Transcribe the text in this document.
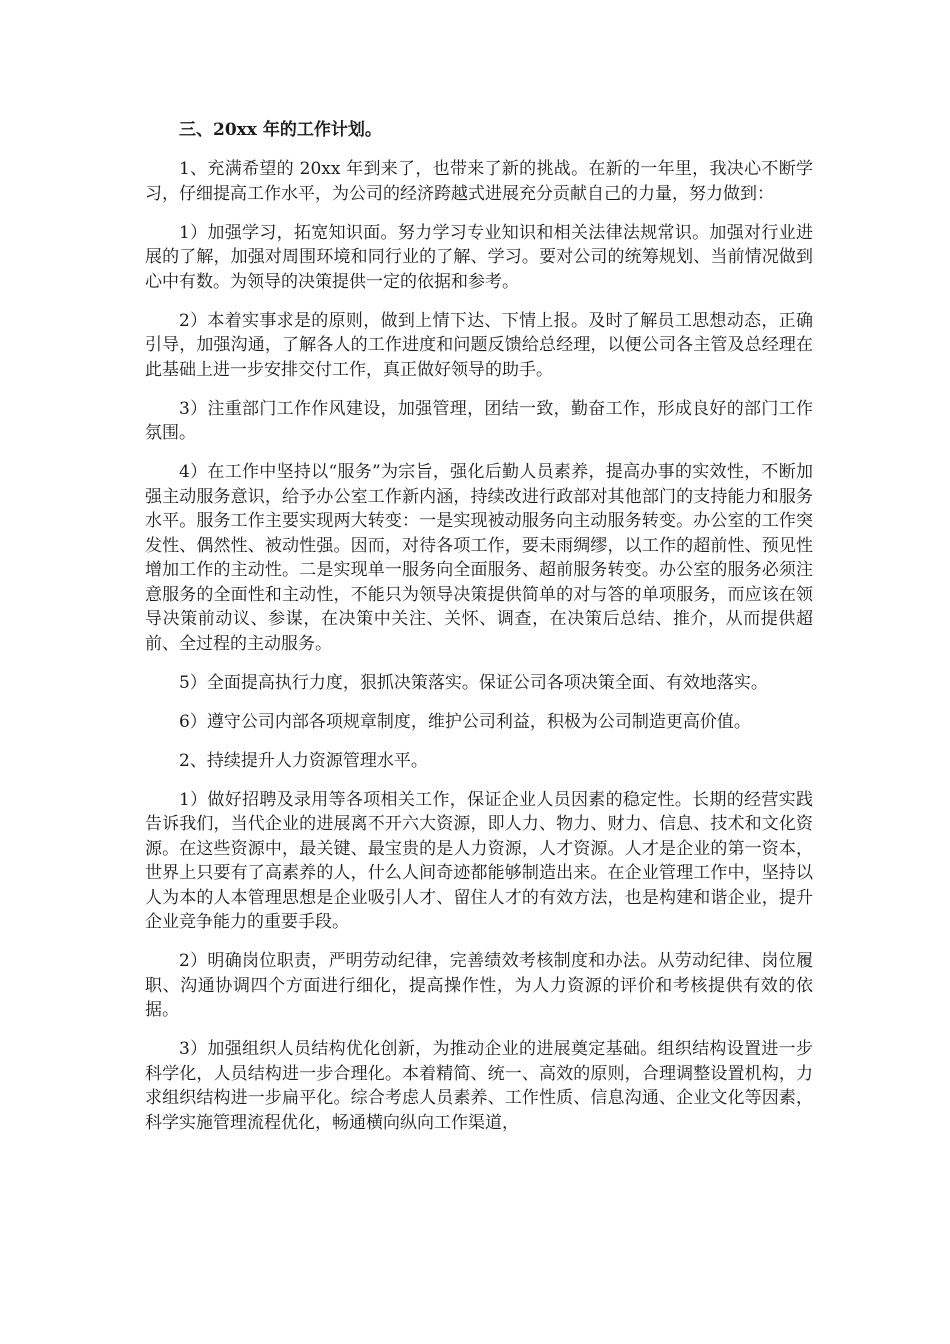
三、20xx 年的工作计划。

1、充满希望的 20xx 年到来了，也带来了新的挑战。在新的一年里，我决心不断学习，仔细提高工作水平，为公司的经济跨越式进展充分贡献自己的力量，努力做到：

1）加强学习，拓宽知识面。努力学习专业知识和相关法律法规常识。加强对行业进展的了解，加强对周围环境和同行业的了解、学习。要对公司的统筹规划、当前情况做到心中有数。为领导的决策提供一定的依据和参考。

2）本着实事求是的原则，做到上情下达、下情上报。及时了解员工思想动态，正确引导，加强沟通，了解各人的工作进度和问题反馈给总经理，以便公司各主管及总经理在此基础上进一步安排交付工作，真正做好领导的助手。

3）注重部门工作作风建设，加强管理，团结一致，勤奋工作，形成良好的部门工作氛围。

4）在工作中坚持以“服务”为宗旨，强化后勤人员素养，提高办事的实效性，不断加强主动服务意识，给予办公室工作新内涵，持续改进行政部对其他部门的支持能力和服务水平。服务工作主要实现两大转变：一是实现被动服务向主动服务转变。办公室的工作突发性、偶然性、被动性强。因而，对待各项工作，要未雨绸缪，以工作的超前性、预见性增加工作的主动性。二是实现单一服务向全面服务、超前服务转变。办公室的服务必须注意服务的全面性和主动性，不能只为领导决策提供简单的对与答的单项服务，而应该在领导决策前动议、参谋，在决策中关注、关怀、调查，在决策后总结、推介，从而提供超前、全过程的主动服务。

5）全面提高执行力度，狠抓决策落实。保证公司各项决策全面、有效地落实。

6）遵守公司内部各项规章制度，维护公司利益，积极为公司制造更高价值。

2、持续提升人力资源管理水平。

1）做好招聘及录用等各项相关工作，保证企业人员因素的稳定性。长期的经营实践告诉我们，当代企业的进展离不开六大资源，即人力、物力、财力、信息、技术和文化资源。在这些资源中，最关键、最宝贵的是人力资源，人才资源。人才是企业的第一资本，世界上只要有了高素养的人，什么人间奇迹都能够制造出来。在企业管理工作中，坚持以人为本的人本管理思想是企业吸引人才、留住人才的有效方法，也是构建和谐企业，提升企业竞争能力的重要手段。

2）明确岗位职责，严明劳动纪律，完善绩效考核制度和办法。从劳动纪律、岗位履职、沟通协调四个方面进行细化，提高操作性，为人力资源的评价和考核提供有效的依据。

3）加强组织人员结构优化创新，为推动企业的进展奠定基础。组织结构设置进一步科学化，人员结构进一步合理化。本着精简、统一、高效的原则，合理调整设置机构，力求组织结构进一步扁平化。综合考虑人员素养、工作性质、信息沟通、企业文化等因素，科学实施管理流程优化，畅通横向纵向工作渠道，
